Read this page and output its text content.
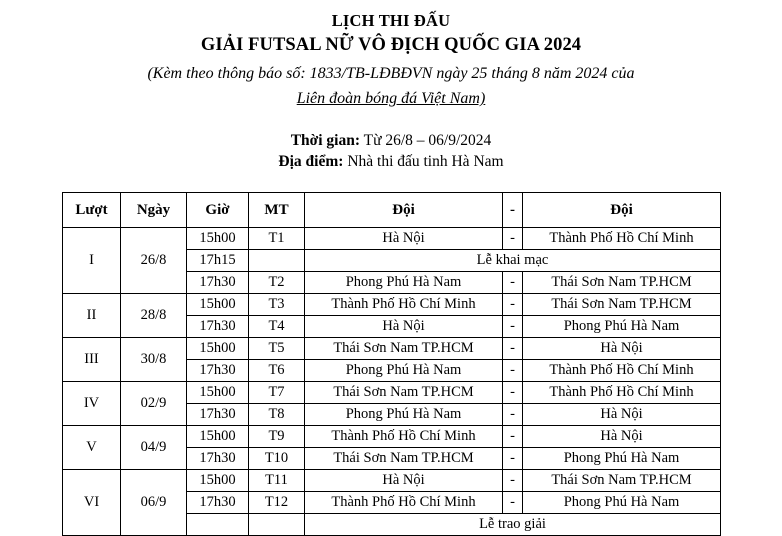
LỊCH THI ĐẤU
GIẢI FUTSAL NỮ VÔ ĐỊCH QUỐC GIA 2024
(Kèm theo thông báo số: 1833/TB-LĐBĐVN ngày 25 tháng 8 năm 2024 của
Liên đoàn bóng đá Việt Nam)
Thời gian: Từ 26/8 – 06/9/2024
Địa điểm: Nhà thi đấu tinh Hà Nam
Lượt	Ngày	Giờ	MT	Đội	-	Đội
I	26/8	15h00	T1	Hà Nội	-	Thành Phố Hồ Chí Minh
		17h15		Lễ khai mạc		
		17h30	T2	Phong Phú Hà Nam	-	Thái Sơn Nam TP.HCM
II	28/8	15h00	T3	Thành Phố Hồ Chí Minh	-	Thái Sơn Nam TP.HCM
		17h30	T4	Hà Nội	-	Phong Phú Hà Nam
III	30/8	15h00	T5	Thái Sơn Nam TP.HCM	-	Hà Nội
		17h30	T6	Phong Phú Hà Nam	-	Thành Phố Hồ Chí Minh
IV	02/9	15h00	T7	Thái Sơn Nam TP.HCM	-	Thành Phố Hồ Chí Minh
		17h30	T8	Phong Phú Hà Nam	-	Hà Nội
V	04/9	15h00	T9	Thành Phố Hồ Chí Minh	-	Hà Nội
		17h30	T10	Thái Sơn Nam TP.HCM	-	Phong Phú Hà Nam
VI	06/9	15h00	T11	Hà Nội	-	Thái Sơn Nam TP.HCM
		17h30	T12	Thành Phố Hồ Chí Minh	-	Phong Phú Hà Nam
				Lễ trao giải		
